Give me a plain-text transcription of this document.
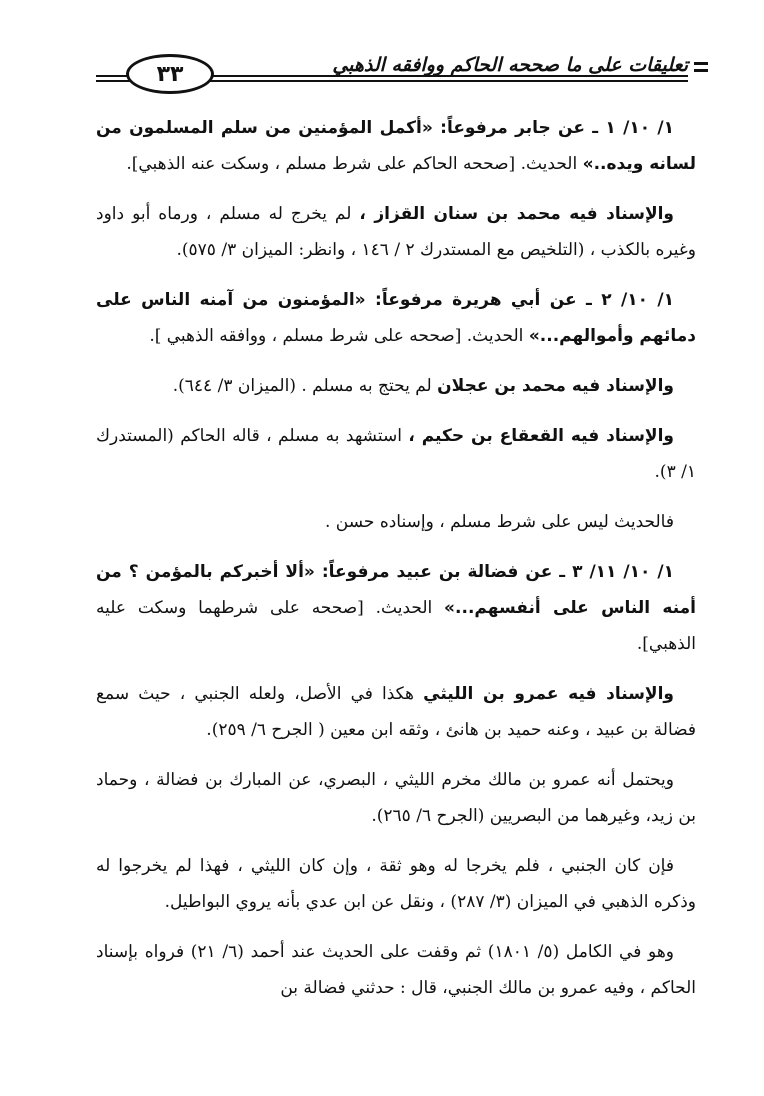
تعليقات على ما صححه الحاكم ووافقه الذهبي
٣٣

١/ ١٠/ ١ ـ عن جابر مرفوعاً: «أكمل المؤمنين من سلم المسلمون من لسانه ويده..» الحديث. [صححه الحاكم على شرط مسلم ، وسكت عنه الذهبي].

والإسناد فيه محمد بن سنان القزاز ، لم يخرج له مسلم ، ورماه أبو داود وغيره بالكذب ، (التلخيص مع المستدرك ٢ / ١٤٦ ، وانظر: الميزان ٣/ ٥٧٥).

١/ ١٠/ ٢ ـ عن أبي هريرة مرفوعاً: «المؤمنون من آمنه الناس على دمائهم وأموالهم...» الحديث. [صححه على شرط مسلم ، ووافقه الذهبي ].

والإسناد فيه محمد بن عجلان لم يحتج به مسلم . (الميزان ٣/ ٦٤٤).

والإسناد فيه القعقاع بن حكيم ، استشهد به مسلم ، قاله الحاكم (المستدرك ١/ ٣).

فالحديث ليس على شرط مسلم ، وإسناده حسن .

١/ ١٠/ ١١/ ٣ ـ عن فضالة بن عبيد مرفوعاً: «ألا أخبركم بالمؤمن ؟ من أمنه الناس على أنفسهم...» الحديث. [صححه على شرطهما وسكت عليه الذهبي].

والإسناد فيه عمرو بن الليثي هكذا في الأصل، ولعله الجنبي ، حيث سمع فضالة بن عبيد ، وعنه حميد بن هانئ ، وثقه ابن معين ( الجرح ٦/ ٢٥٩).

ويحتمل أنه عمرو بن مالك مخرم الليثي ، البصري، عن المبارك بن فضالة ، وحماد بن زيد، وغيرهما من البصريين (الجرح ٦/ ٢٦٥).

فإن كان الجنبي ، فلم يخرجا له وهو ثقة ، وإن كان الليثي ، فهذا لم يخرجوا له وذكره الذهبي في الميزان (٣/ ٢٨٧) ، ونقل عن ابن عدي بأنه يروي البواطيل.

وهو في الكامل (٥/ ١٨٠١) ثم وقفت على الحديث عند أحمد (٦/ ٢١) فرواه بإسناد الحاكم ، وفيه عمرو بن مالك الجنبي، قال : حدثني فضالة بن
